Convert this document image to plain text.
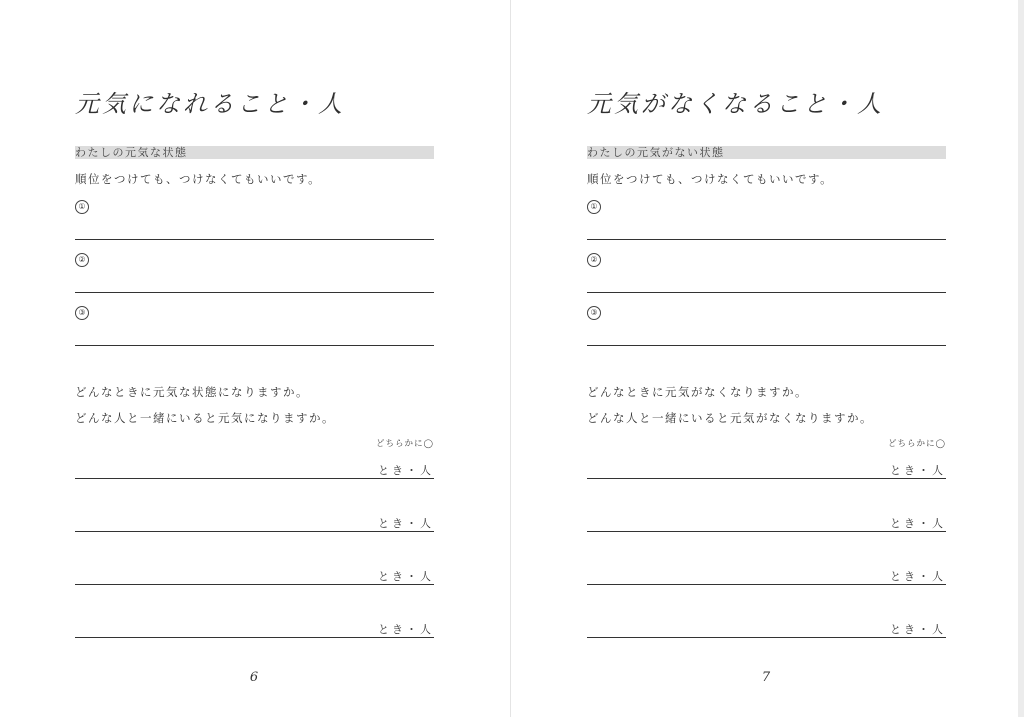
元気になれること・人
わたしの元気な状態
順位をつけても、つけなくてもいいです。
①
②
③
どんなときに元気な状態になりますか。
どんな人と一緒にいると元気になりますか。
どちらかに◯
とき・人
とき・人
とき・人
とき・人
6
元気がなくなること・人
わたしの元気がない状態
順位をつけても、つけなくてもいいです。
①
②
③
どんなときに元気がなくなりますか。
どんな人と一緒にいると元気がなくなりますか。
どちらかに◯
とき・人
とき・人
とき・人
とき・人
7
